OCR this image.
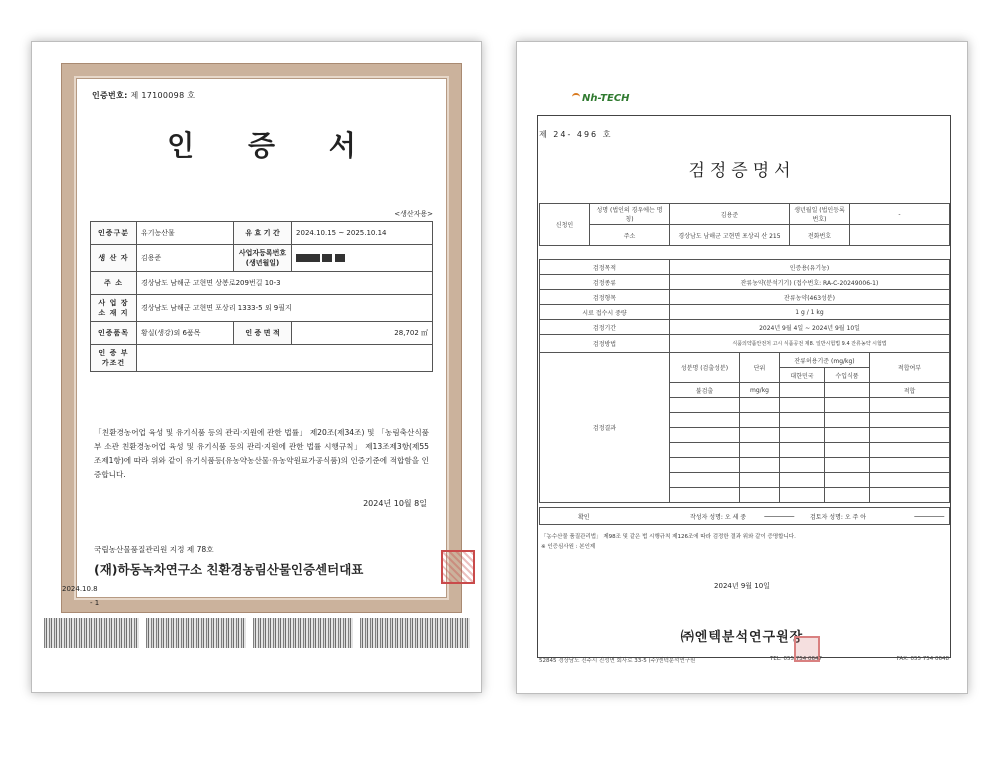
인증번호: 제 17100098 호
인 증 서
<생산자용>
인증구분	유기농산물	유 효 기 간	2024.10.15 ~ 2025.10.14
생 산 자	김용준	사업자등록번호(생년월일)	
주 소	경상남도 남해군 고현면 상봉로209번길 10-3		
사 업 장 소 재 지	경상남도 남해군 고현면 포상리 1333-5 외 9필지		
인증품목	황실(생강)외 6품목	인 증 면 적	28,702 ㎡
인 증 부가조건			
「친환경농어업 육성 및 유기식품 등의 관리·지원에 관한 법률」 제20조(제34조) 및 「농림축산식품부 소관 친환경농어업 육성 및 유기식품 등의 관리·지원에 관한 법률 시행규칙」 제13조제3항(제55조제1항)에 따라 위와 같이 유기식품등(유농약농산물·유농약원료가공식품)의 인증기준에 적합함을 인증합니다.
2024년 10월 8일
국립농산물품질관리원 지정 제 78호
(재)하동녹차연구소 친환경농림산물인증센터대표
2024.10.8
- 1
Nh-TECH
제 24- 496 호
검정증명서
신청인	성명 (법인의 경우에는 명칭)	김용준	생년월일 (법인등록번호)	-
	주소	경상남도 남해군 고현면 포상리 산 215	전화번호	
검정목적	인증용(유기농)				
검정종류	잔류농약(분석기기) (접수번호: RA-C-20249006-1)				
검정형목	잔류농약(463성분)				
시료 접수시 중량	1 g / 1 kg				
검정기간	2024년 9월 4일 ~ 2024년 9월 10일				
검정방법	식품의약품안전처 고시 식품공전 제8. 일반시험법 9.4 잔류농약 시험법				
검정결과	성분명 (검출성분)	단위	잔류허용기준 (mg/kg)		적합여부
			대한민국	수입식품	
	불검출	mg/kg			적합

확인	작성자 성명: 오 세 중	검토자 성명: 오 주 아
「농수산물 품질관리법」 제98조 및 같은 법 시행규칙 제126조에 따라 검정한 결과 위와 같이 증명합니다.
※ 인증심사원 : 본인제
2024년 9월 10일
㈜엔텍분석연구원장
52845 경상남도 진주시 진성면 회사로 33-5 (주)엔텍분석연구원	TEL: 055 754 0647	FAX: 055 754 0648
